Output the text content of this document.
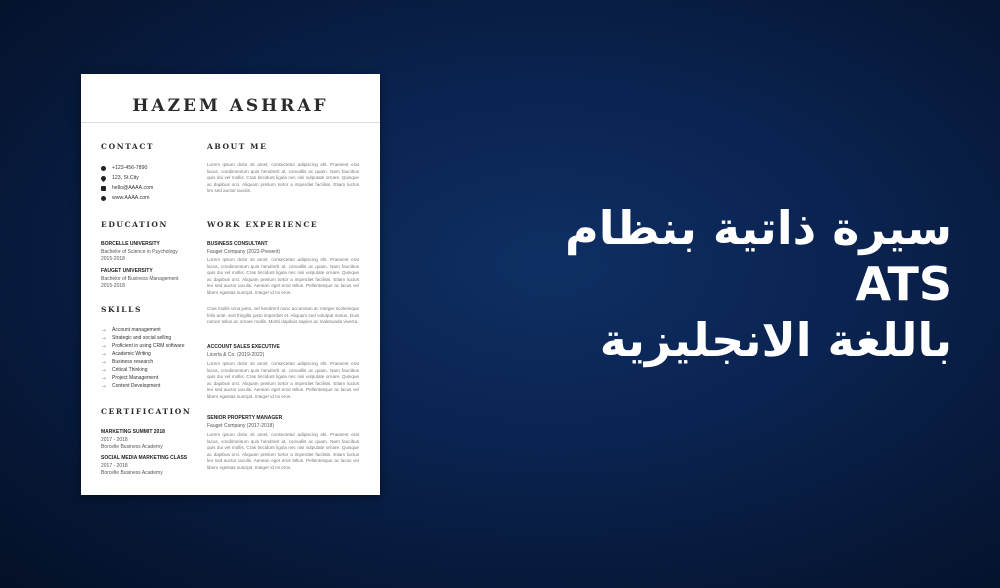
HAZEM ASHRAF
CONTACT
+123-456-7890
123, St.City
hello@AAAA.com
www.AAAA.com
EDUCATION
BORCELLE UNIVERSITY
Bachelor of Science in Psychology
2015-2018
FAUGET UNIVERSITY
Bachelor of Business Management
2015-2018
SKILLS
→ Account management
→ Strategic and social selling
→ Proficient in using CRM software
→ Academic Writing
→ Business research
→ Critical Thinking
→ Project Management
→ Content Development
CERTIFICATION
MARKETING SUMMIT 2018
2017 - 2018
Borcelle Business Academy
SOCIAL MEDIA MARKETING CLASS
2017 - 2018
Borcelle Business Academy
ABOUT ME

Lorem ipsum dolor sit amet, consectetur adipiscing elit. Praesent erat lacus, condimentum quis hendrerit at, convallis ac quam. Nam faucibus quis dui vel mollis. Cras tincidunt ligula nec nisi vulputate ornare. Quisque ac dapibus orci. Aliquam pretium tortor a imperdiet facilisis. Etiam luctus leo sed auctor iaculis.

WORK EXPERIENCE
BUSINESS CONSULTANT
Fauget Company (2022-Present)

Lorem ipsum dolor sit amet, consectetur adipiscing elit. Praesent erat lacus, condimentum quis hendrerit at, convallis ac quam. Nam faucibus quis dui vel mollis. Cras tincidunt ligula nec nisi vulputate ornare. Quisque ac dapibus orci. Aliquam pretium tortor a imperdiet facilisis. Etiam luctus leo sed auctor iaculis. Aenean eget eros tellus. Pellentesque ac lacus vel libero egestas suscipit. Integer id mi eros.

Cras mollis urna justo, vel hendrerit nunc accumsan at. Integer scelerisque felis ante, sed fringilla justo imperdiet et. Aliquam sed volutpat metus. Duis rutrum tellus ac ornare mollis. Morbi dapibus sapien ac malesuada viverra.

ACCOUNT SALES EXECUTIVE
Licerla & Co. (2019-2022)

Lorem ipsum dolor sit amet, consectetur adipiscing elit. Praesent erat lacus, condimentum quis hendrerit at, convallis ac quam. Nam faucibus quis dui vel mollis. Cras tincidunt ligula nec nisi vulputate ornare. Quisque ac dapibus orci. Aliquam pretium tortor a imperdiet facilisis. Etiam luctus leo sed auctor iaculis. Aenean eget eros tellus. Pellentesque ac lacus vel libero egestas suscipit. Integer id mi eros.

SENIOR PROPERTY MANAGER
Fauget Company (2017-2018)

Lorem ipsum dolor sit amet, consectetur adipiscing elit. Praesent erat lacus, condimentum quis hendrerit at, convallis ac quam. Nam faucibus quis dui vel mollis. Cras tincidunt ligula nec nisi vulputate ornare. Quisque ac dapibus orci. Aliquam pretium tortor a imperdiet facilisis. Etiam luctus leo sed auctor iaculis. Aenean eget eros tellus. Pellentesque ac lacus vel libero egestas suscipit. Integer id mi eros.

سيرة ذاتية بنظام ATS
باللغة الانجليزية
